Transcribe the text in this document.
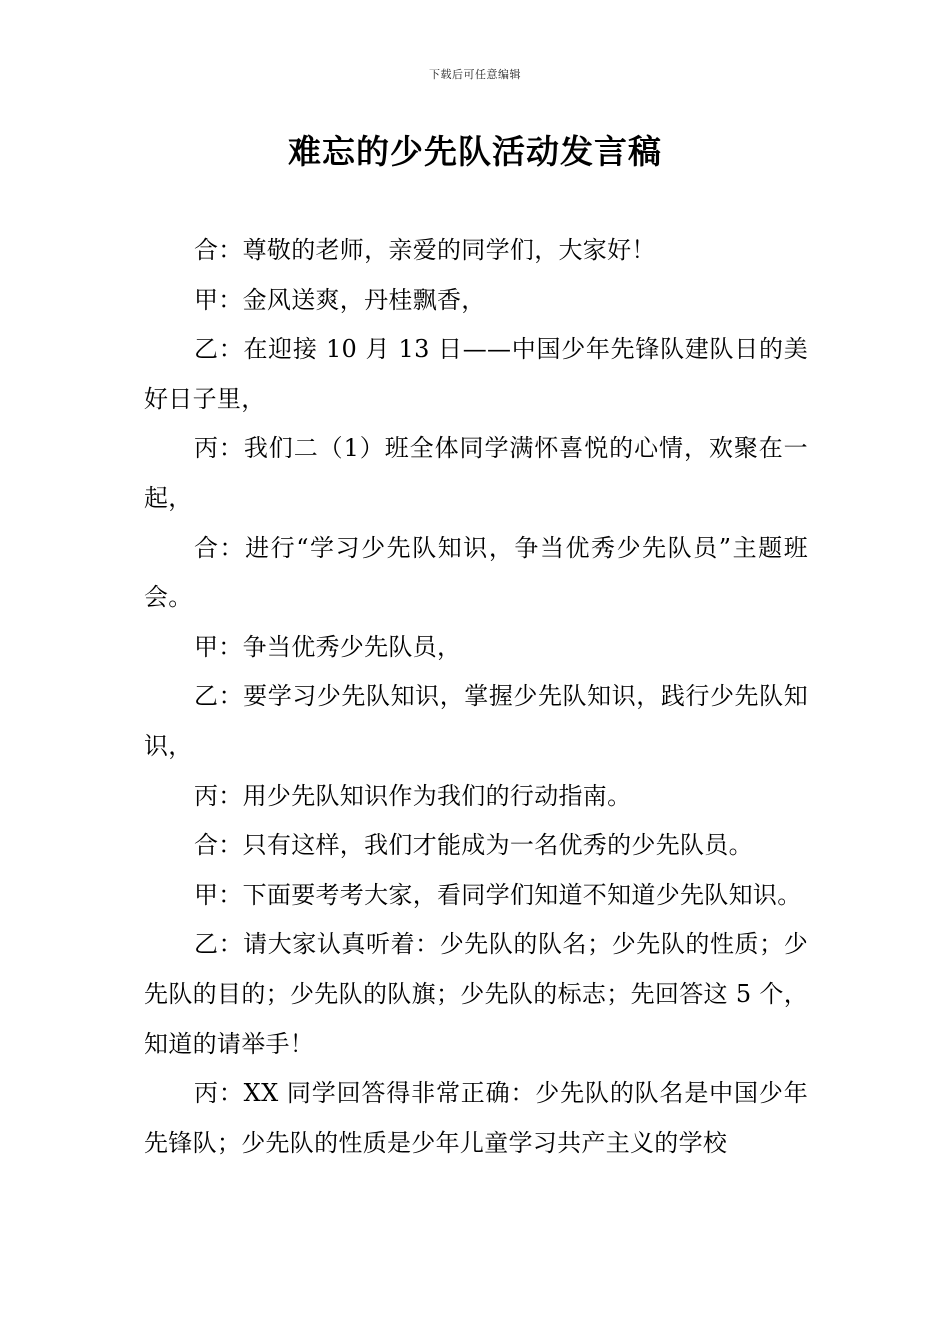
下载后可任意编辑
难忘的少先队活动发言稿

合：尊敬的老师，亲爱的同学们，大家好！

甲：金风送爽，丹桂飘香，

乙：在迎接 10 月 13 日——中国少年先锋队建队日的美好日子里，

丙：我们二（1）班全体同学满怀喜悦的心情，欢聚在一起，

合：进行“学习少先队知识，争当优秀少先队员”主题班会。

甲：争当优秀少先队员，

乙：要学习少先队知识，掌握少先队知识，践行少先队知识，

丙：用少先队知识作为我们的行动指南。

合：只有这样，我们才能成为一名优秀的少先队员。

甲：下面要考考大家，看同学们知道不知道少先队知识。

乙：请大家认真听着：少先队的队名；少先队的性质；少先队的目的；少先队的队旗；少先队的标志；先回答这 5 个，知道的请举手！

丙：XX 同学回答得非常正确：少先队的队名是中国少年先锋队；少先队的性质是少年儿童学习共产主义的学校
